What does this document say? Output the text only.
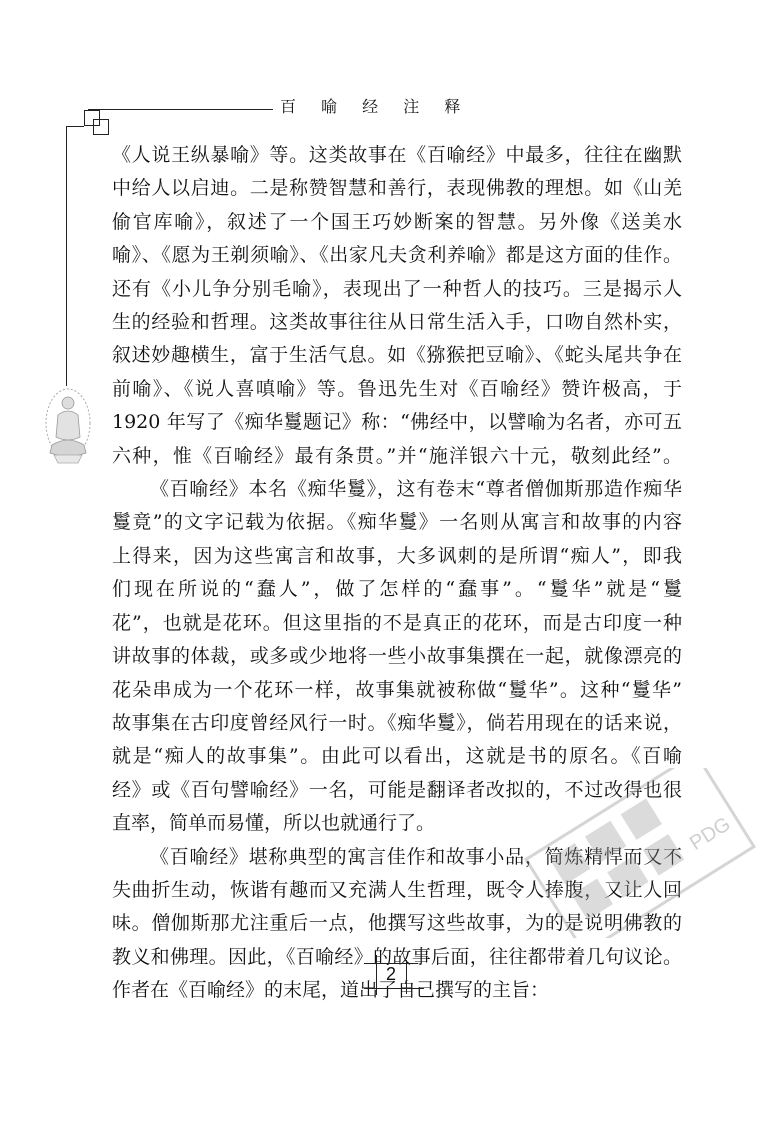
百 喻 经 注 释

《人说王纵暴喻》等。这类故事在《百喻经》中最多，往往在幽默

中给人以启迪。二是称赞智慧和善行，表现佛教的理想。如《山羌

偷官库喻》，叙述了一个国王巧妙断案的智慧。另外像《送美水

喻》、《愿为王剃须喻》、《出家凡夫贪利养喻》都是这方面的佳作。

还有《小儿争分别毛喻》，表现出了一种哲人的技巧。三是揭示人

生的经验和哲理。这类故事往往从日常生活入手，口吻自然朴实，

叙述妙趣横生，富于生活气息。如《猕猴把豆喻》、《蛇头尾共争在

前喻》、《说人喜嗔喻》等。鲁迅先生对《百喻经》赞许极高，于

1920 年写了《痴华鬘题记》称：“佛经中，以譬喻为名者，亦可五

六种，惟《百喻经》最有条贯。”并“施洋银六十元，敬刻此经”。

《百喻经》本名《痴华鬘》，这有卷末“尊者僧伽斯那造作痴华

鬘竟”的文字记载为依据。《痴华鬘》一名则从寓言和故事的内容

上得来，因为这些寓言和故事，大多讽刺的是所谓“痴人”，即我

们现在所说的“蠢人”，做了怎样的“蠢事”。“鬘华”就是“鬘

花”，也就是花环。但这里指的不是真正的花环，而是古印度一种

讲故事的体裁，或多或少地将一些小故事集撰在一起，就像漂亮的

花朵串成为一个花环一样，故事集就被称做“鬘华”。这种“鬘华”

故事集在古印度曾经风行一时。《痴华鬘》，倘若用现在的话来说，

就是“痴人的故事集”。由此可以看出，这就是书的原名。《百喻

经》或《百句譬喻经》一名，可能是翻译者改拟的，不过改得也很

直率，简单而易懂，所以也就通行了。

《百喻经》堪称典型的寓言佳作和故事小品，简炼精悍而又不

失曲折生动，恢谐有趣而又充满人生哲理，既令人捧腹，又让人回

味。僧伽斯那尤注重后一点，他撰写这些故事，为的是说明佛教的

教义和佛理。因此，《百喻经》的故事后面，往往都带着几句议论。

作者在《百喻经》的末尾，道出了自己撰写的主旨：

PDG
2
